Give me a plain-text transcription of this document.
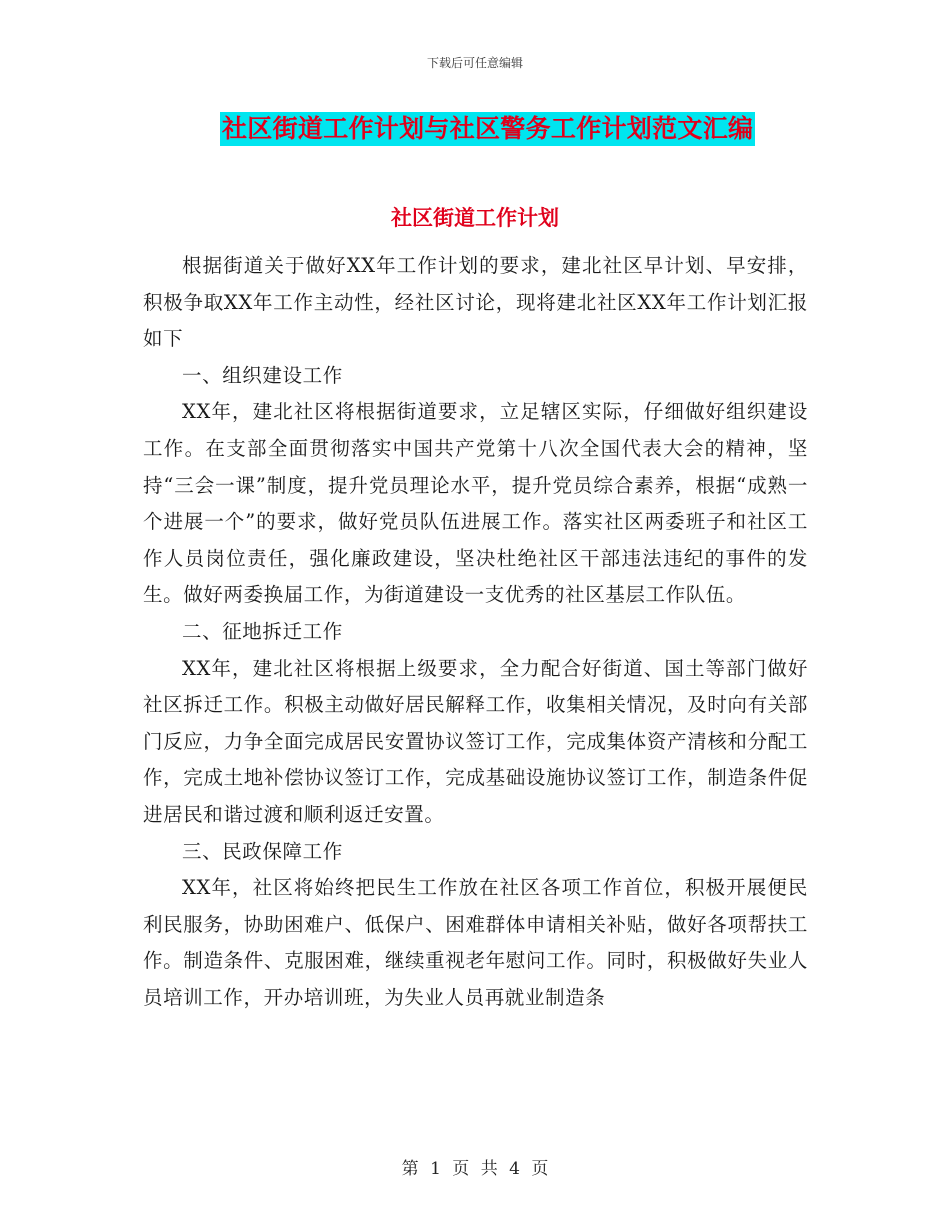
下载后可任意编辑
社区街道工作计划与社区警务工作计划范文汇编
社区街道工作计划

根据街道关于做好XX年工作计划的要求，建北社区早计划、早安排，积极争取XX年工作主动性，经社区讨论，现将建北社区XX年工作计划汇报如下

一、组织建设工作

XX年，建北社区将根据街道要求，立足辖区实际，仔细做好组织建设工作。在支部全面贯彻落实中国共产党第十八次全国代表大会的精神，坚持“三会一课”制度，提升党员理论水平，提升党员综合素养，根据“成熟一个进展一个”的要求，做好党员队伍进展工作。落实社区两委班子和社区工作人员岗位责任，强化廉政建设，坚决杜绝社区干部违法违纪的事件的发生。做好两委换届工作，为街道建设一支优秀的社区基层工作队伍。

二、征地拆迁工作

XX年，建北社区将根据上级要求，全力配合好街道、国土等部门做好社区拆迁工作。积极主动做好居民解释工作，收集相关情况，及时向有关部门反应，力争全面完成居民安置协议签订工作，完成集体资产清核和分配工作，完成土地补偿协议签订工作，完成基础设施协议签订工作，制造条件促进居民和谐过渡和顺利返迁安置。

三、民政保障工作

XX年，社区将始终把民生工作放在社区各项工作首位，积极开展便民利民服务，协助困难户、低保户、困难群体申请相关补贴，做好各项帮扶工作。制造条件、克服困难，继续重视老年慰问工作。同时，积极做好失业人员培训工作，开办培训班，为失业人员再就业制造条

第 1 页 共 4 页
